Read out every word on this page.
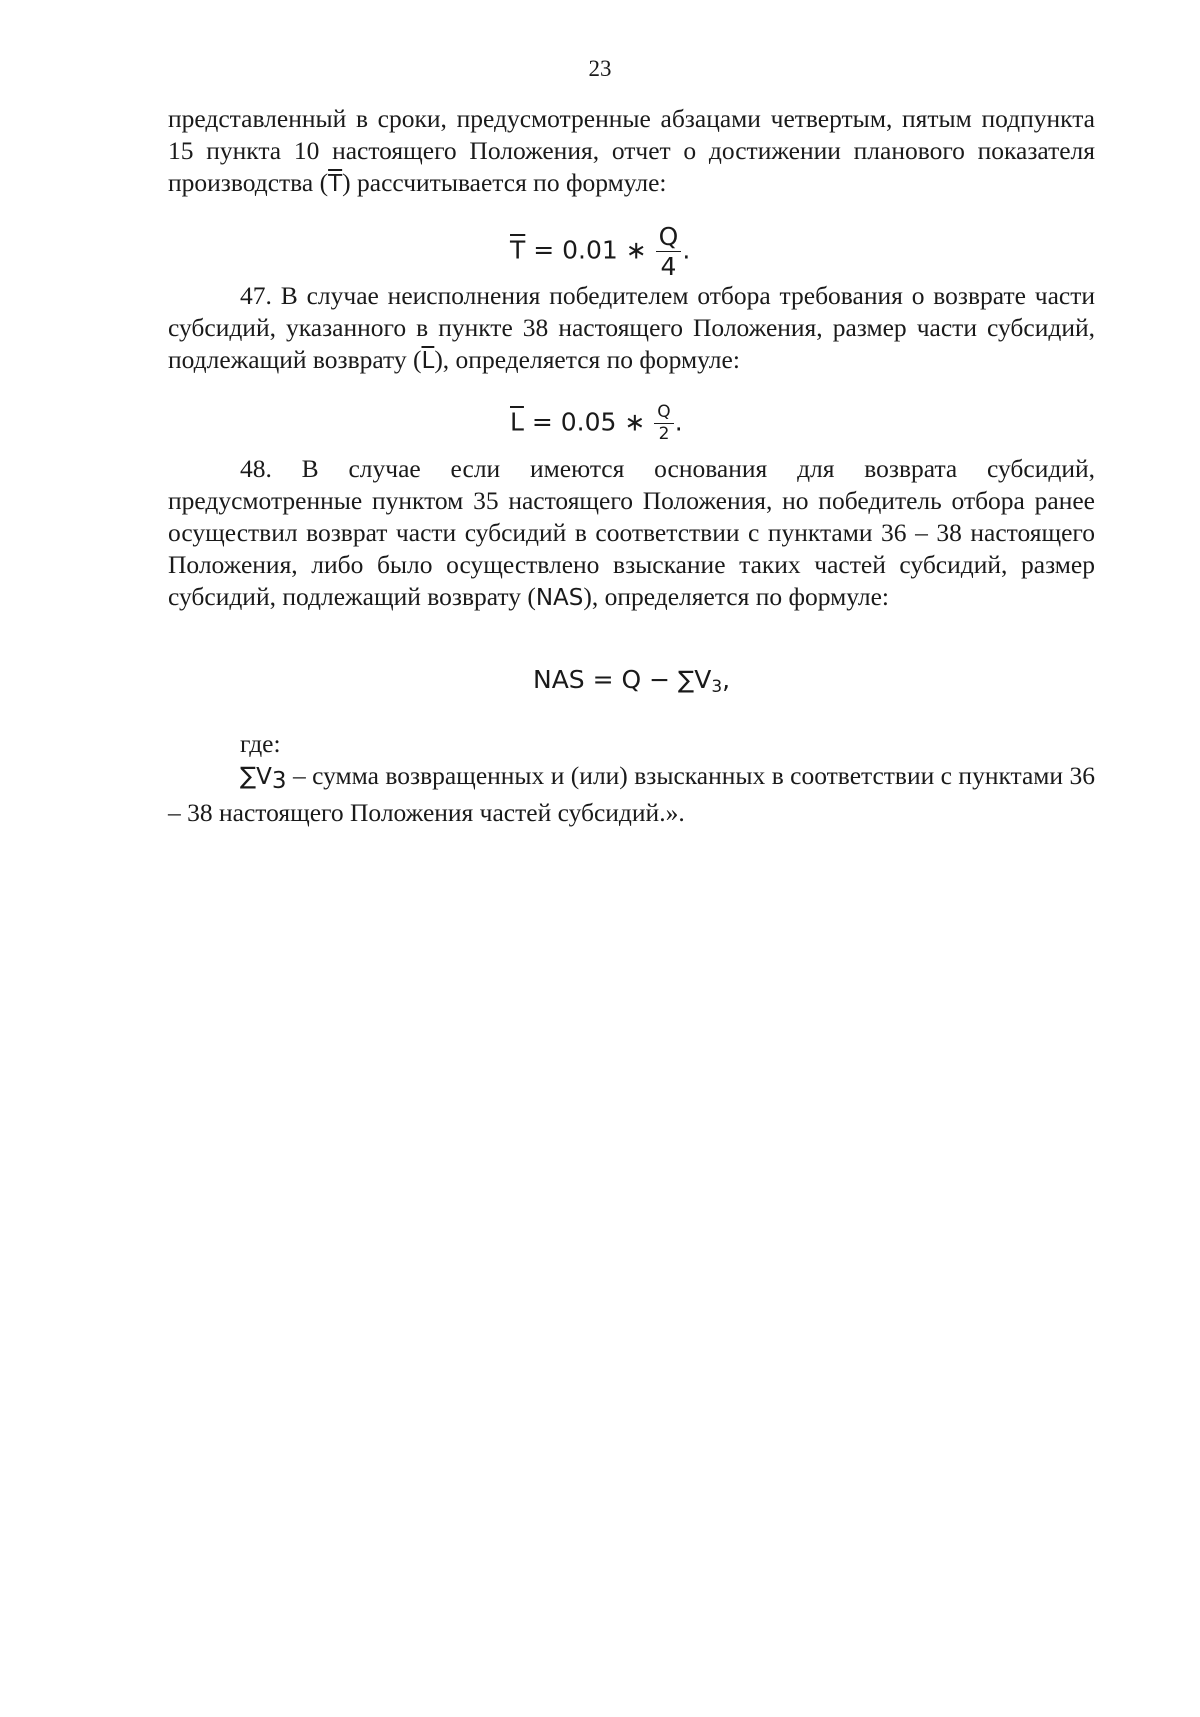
23

представленный в сроки, предусмотренные абзацами четвертым, пятым подпункта 15 пункта 10 настоящего Положения, отчет о достижении планового показателя производства $(\overline{T})$ рассчитывается по формуле:

$\overline{T} = 0.01$ ∗ $\frac{Q}{4}$ .

47. В случае неисполнения победителем отбора требования о возврате части субсидий, указанного в пункте 38 настоящего Положения, размер части субсидий, подлежащий возврату $(\overline{L})$, определяется по формуле:

$\overline{L} = 0.05$ ∗ $\frac{Q}{2}$ .

48. В случае если имеются основания для возврата субсидий, предусмотренные пунктом 35 настоящего Положения, но победитель отбора ранее осуществил возврат части субсидий в соответствии с пунктами 36 – 38 настоящего Положения, либо было осуществлено взыскание таких частей субсидий, размер субсидий, подлежащий возврату (NAS), определяется по формуле:

NAS = $Q - \sum V_3$,

где:

$\sum V_3$ – сумма возвращенных и (или) взысканных в соответствии с пунктами 36 – 38 настоящего Положения частей субсидий.».
